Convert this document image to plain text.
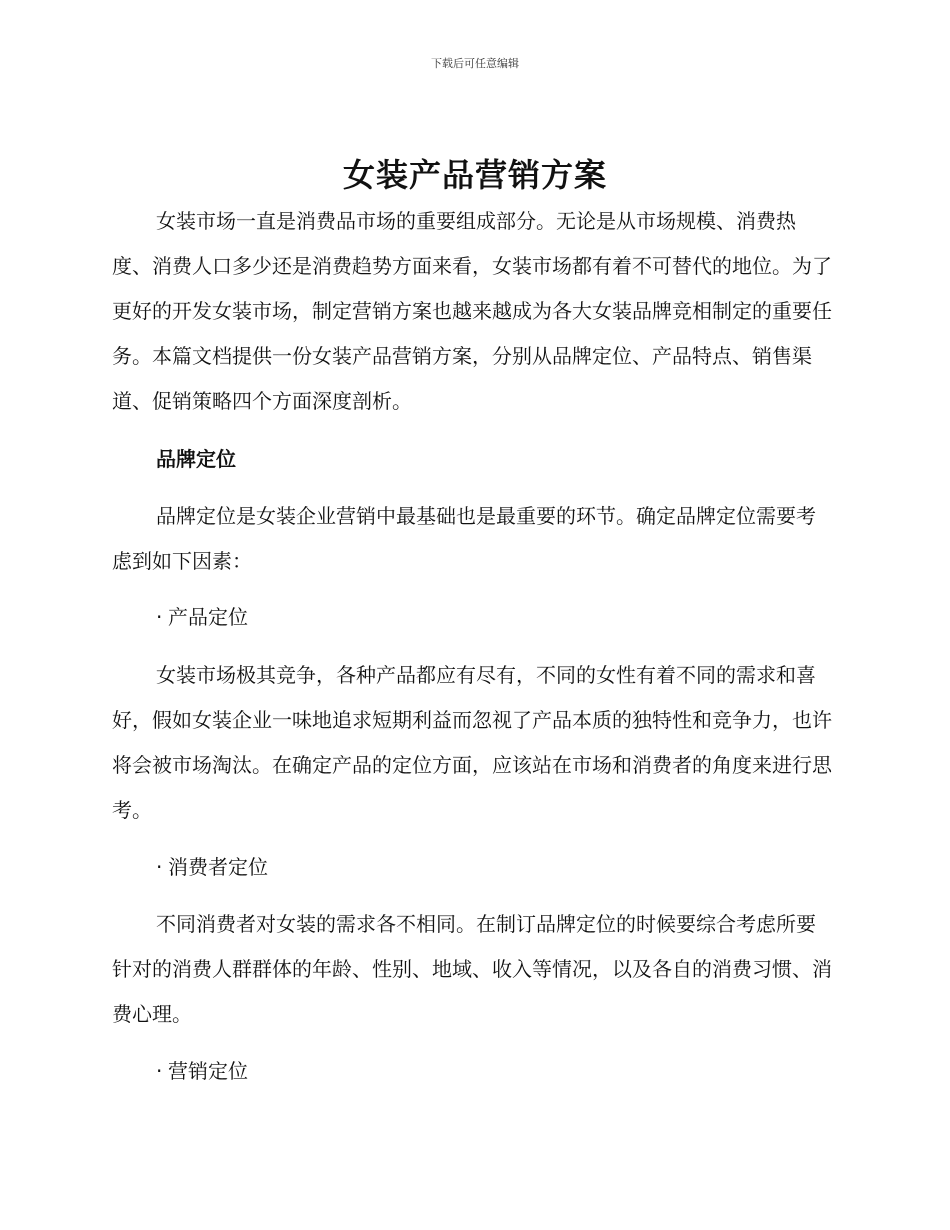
下载后可任意编辑
女装产品营销方案

女装市场一直是消费品市场的重要组成部分。无论是从市场规模、消费热度、消费人口多少还是消费趋势方面来看，女装市场都有着不可替代的地位。为了更好的开发女装市场，制定营销方案也越来越成为各大女装品牌竞相制定的重要任务。本篇文档提供一份女装产品营销方案，分别从品牌定位、产品特点、销售渠道、促销策略四个方面深度剖析。

品牌定位

品牌定位是女装企业营销中最基础也是最重要的环节。确定品牌定位需要考虑到如下因素：

· 产品定位

女装市场极其竞争，各种产品都应有尽有，不同的女性有着不同的需求和喜好，假如女装企业一味地追求短期利益而忽视了产品本质的独特性和竞争力，也许将会被市场淘汰。在确定产品的定位方面，应该站在市场和消费者的角度来进行思考。

· 消费者定位

不同消费者对女装的需求各不相同。在制订品牌定位的时候要综合考虑所要针对的消费人群群体的年龄、性别、地域、收入等情况，以及各自的消费习惯、消费心理。

· 营销定位
